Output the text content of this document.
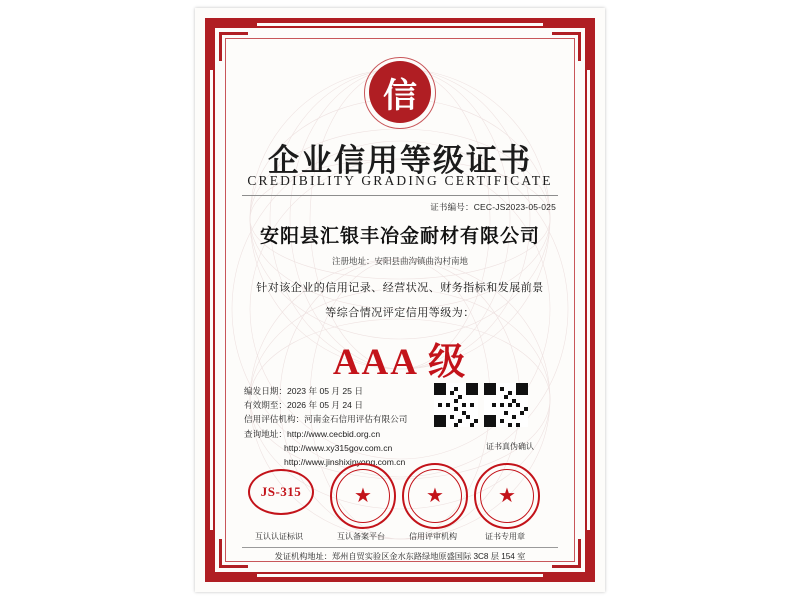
信
企业信用等级证书
CREDIBILITY GRADING CERTIFICATE
证书编号：CEC-JS2023-05-025
安阳县汇银丰冶金耐材有限公司
注册地址：安阳县曲沟镇曲沟村南地
针对该企业的信用记录、经营状况、财务指标和发展前景
等综合情况评定信用等级为：
AAA 级
编发日期：2023 年 05 月 25 日
有效期至：2026 年 05 月 24 日
信用评估机构：河南金石信用评估有限公司
查询地址：http://www.cecbid.org.cn
http://www.xy315gov.com.cn
http://www.jinshixinyong.com.cn
证书真伪确认
JS-315	★	★	★
互认认证标识	互认备案平台	信用评审机构	证书专用章
发证机构地址：郑州自贸实验区金水东路绿地原盛国际 3C8 层 154 室
